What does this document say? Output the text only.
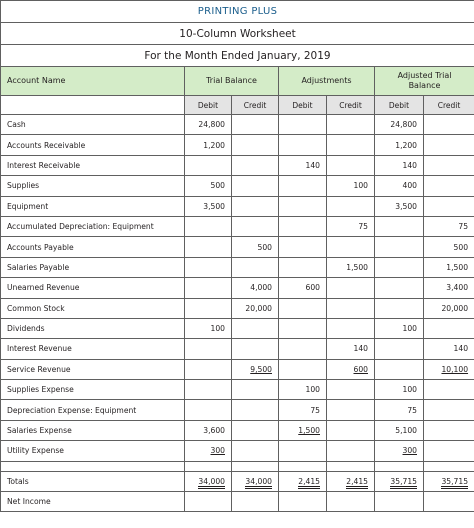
PRINTING PLUS						
10-Column Worksheet						
For the Month Ended January, 2019						
Account Name	Trial Balance		Adjustments		Adjusted Trial
Balance	
	Debit	Credit	Debit	Credit	Debit	Credit
Cash	24,800				24,800	
Accounts Receivable	1,200				1,200	
Interest Receivable			140		140	
Supplies	500			100	400	
Equipment	3,500				3,500	
Accumulated Depreciation: Equipment				75		75
Accounts Payable		500				500
Salaries Payable				1,500		1,500
Unearned Revenue		4,000	600			3,400
Common Stock		20,000				20,000
Dividends	100				100	
Interest Revenue				140		140
Service Revenue		9,500		600		10,100
Supplies Expense			100		100	
Depreciation Expense: Equipment			75		75	
Salaries Expense	3,600		1,500		5,100	
Utility Expense	300				300	

Totals	34,000	34,000	2,415	2,415	35,715	35,715
Net Income						
